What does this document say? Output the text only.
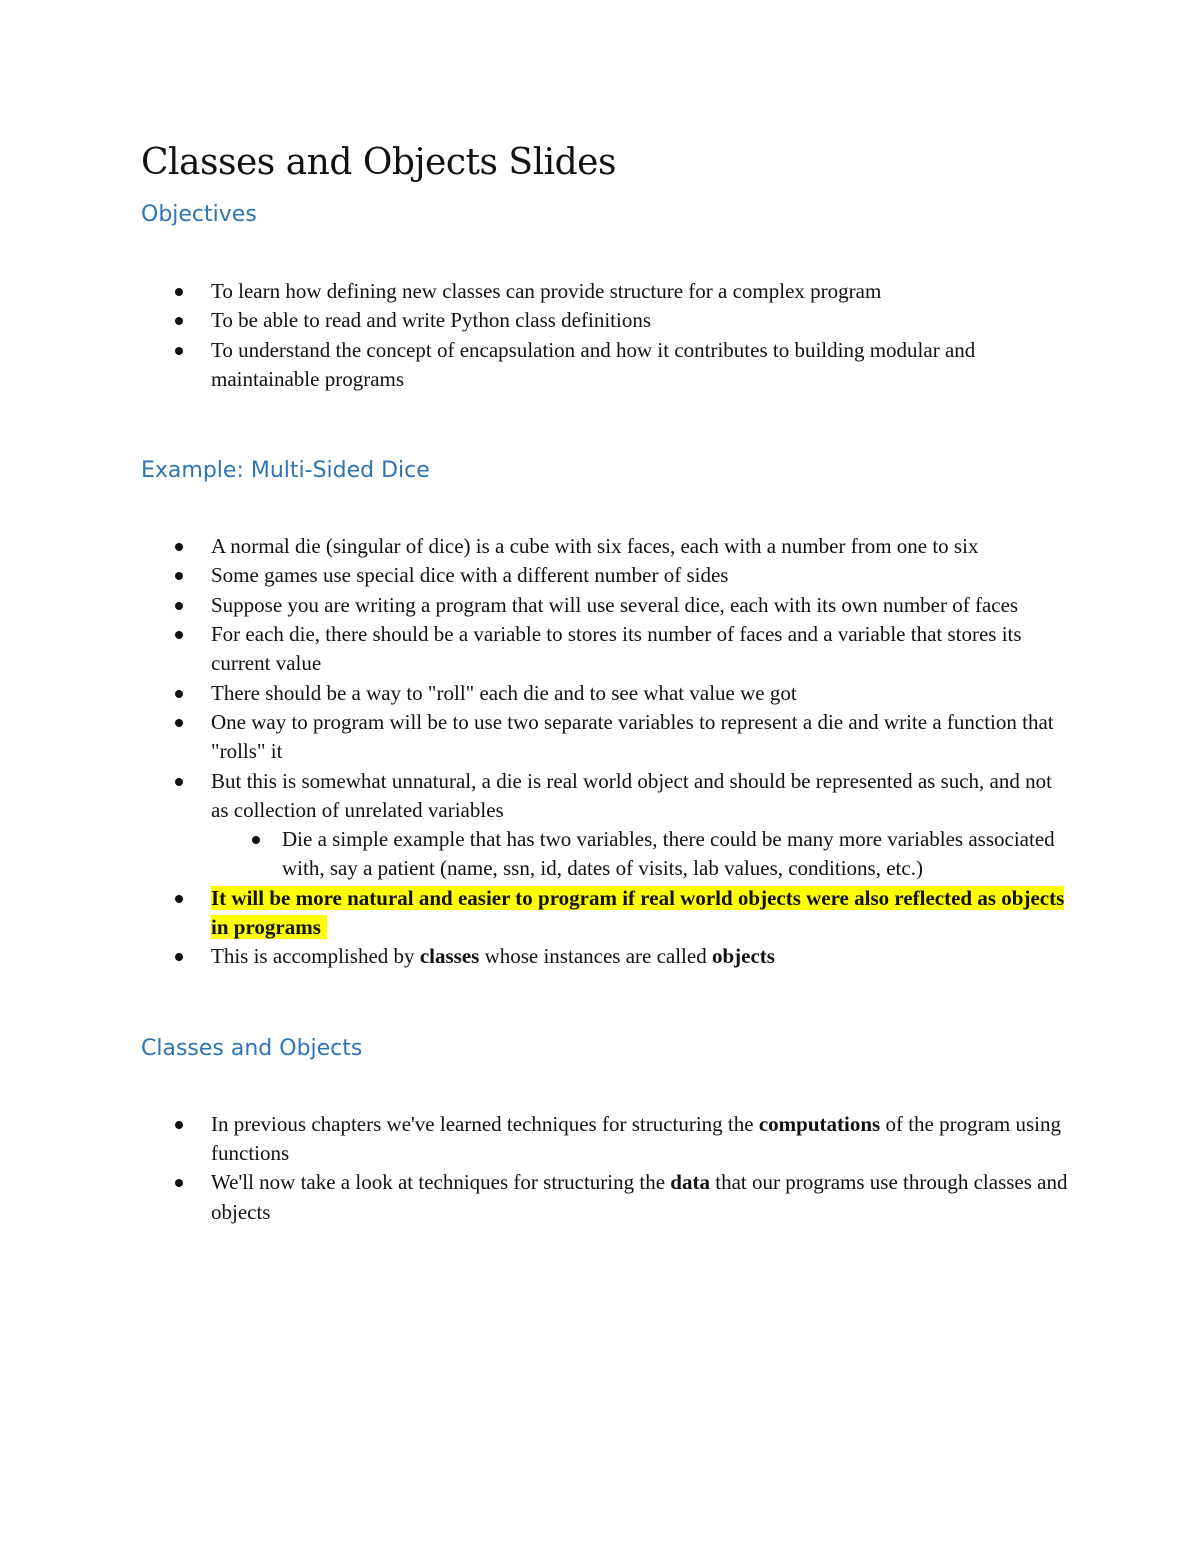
Classes and Objects Slides
Objectives
To learn how defining new classes can provide structure for a complex program
To be able to read and write Python class definitions
To understand the concept of encapsulation and how it contributes to building modular and maintainable programs
Example: Multi-Sided Dice
A normal die (singular of dice) is a cube with six faces, each with a number from one to six
Some games use special dice with a different number of sides
Suppose you are writing a program that will use several dice, each with its own number of faces
For each die, there should be a variable to stores its number of faces and a variable that stores its current value
There should be a way to "roll" each die and to see what value we got
One way to program will be to use two separate variables to represent a die and write a function that "rolls" it
But this is somewhat unnatural, a die is real world object and should be represented as such, and not as collection of unrelated variables
Die a simple example that has two variables, there could be many more variables associated with, say a patient (name, ssn, id, dates of visits, lab values, conditions, etc.)
It will be more natural and easier to program if real world objects were also reflected as objects in programs
This is accomplished by classes whose instances are called objects
Classes and Objects
In previous chapters we've learned techniques for structuring the computations of the program using functions
We'll now take a look at techniques for structuring the data that our programs use through classes and objects
